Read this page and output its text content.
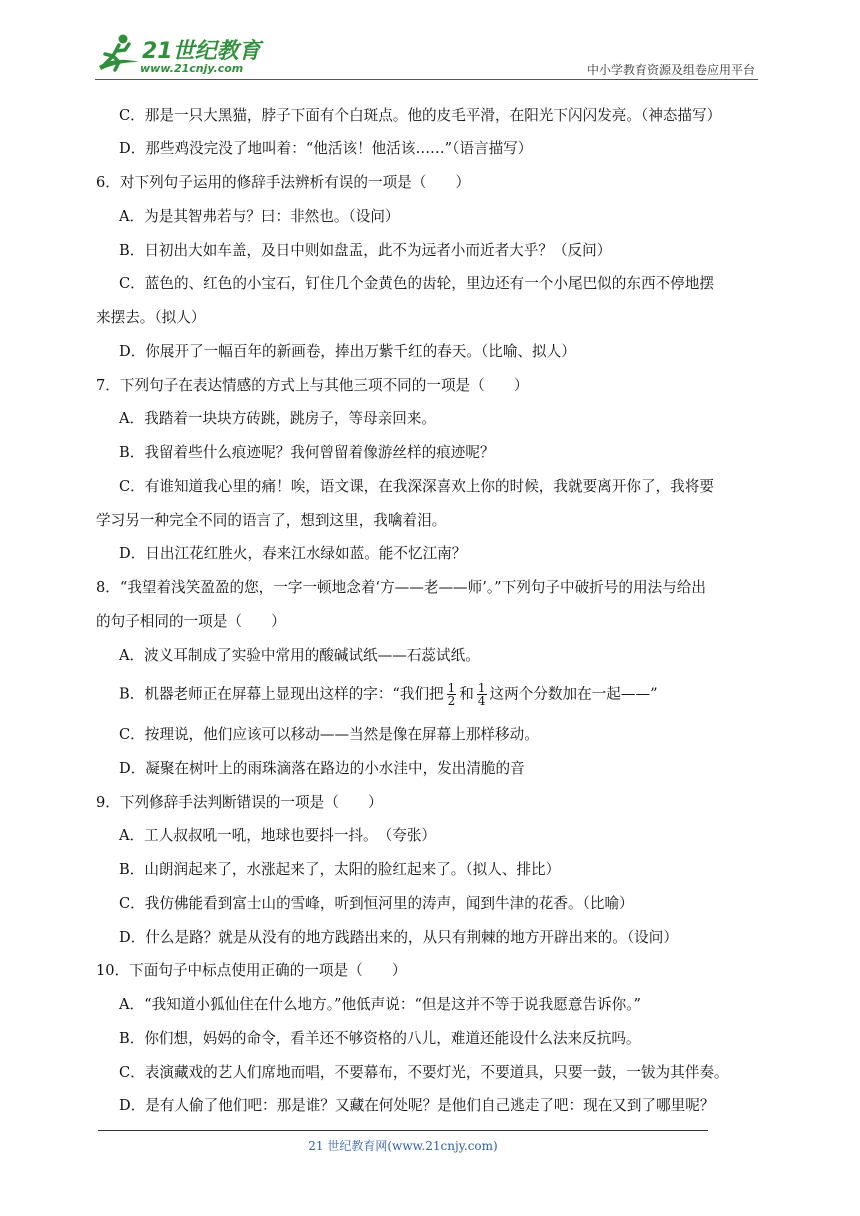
21世纪教育
www.21cnjy.com	中小学教育资源及组卷应用平台
C．那是一只大黑猫，脖子下面有个白斑点。他的皮毛平滑，在阳光下闪闪发亮。（神态描写）
D．那些鸡没完没了地叫着：“他活该！他活该……”（语言描写）
6．对下列句子运用的修辞手法辨析有误的一项是（　　）
A．为是其智弗若与？曰：非然也。（设问）
B．日初出大如车盖，及日中则如盘盂，此不为远者小而近者大乎？（反问）
C．蓝色的、红色的小宝石，钉住几个金黄色的齿轮，里边还有一个小尾巴似的东西不停地摆
来摆去。（拟人）
D．你展开了一幅百年的新画卷，捧出万紫千红的春天。（比喻、拟人）
7．下列句子在表达情感的方式上与其他三项不同的一项是（　　）
A．我踏着一块块方砖跳，跳房子，等母亲回来。
B．我留着些什么痕迹呢？我何曾留着像游丝样的痕迹呢？
C．有谁知道我心里的痛！唉，语文课，在我深深喜欢上你的时候，我就要离开你了，我将要
学习另一种完全不同的语言了，想到这里，我噙着泪。
D．日出江花红胜火，春来江水绿如蓝。能不忆江南？
8．“我望着浅笑盈盈的您，一字一顿地念着‘方——老——师’。”下列句子中破折号的用法与给出
的句子相同的一项是（　　）
A．波义耳制成了实验中常用的酸碱试纸——石蕊试纸。
B．机器老师正在屏幕上显现出这样的字：“我们把 $\frac{1}{2}$ 和 $\frac{1}{4}$ 这两个分数加在一起——”
C．按理说，他们应该可以移动——当然是像在屏幕上那样移动。
D．凝聚在树叶上的雨珠滴落在路边的小水洼中，发出清脆的音
9．下列修辞手法判断错误的一项是（　　）
A．工人叔叔吼一吼，地球也要抖一抖。　（夸张）
B．山朗润起来了，水涨起来了，太阳的脸红起来了。（拟人、排比）
C．我仿佛能看到富士山的雪峰，听到恒河里的涛声，闻到牛津的花香。（比喻）
D．什么是路？就是从没有的地方践踏出来的，从只有荆棘的地方开辟出来的。（设问）
10．下面句子中标点使用正确的一项是（　　）
A．“我知道小狐仙住在什么地方。”他低声说：“但是这并不等于说我愿意告诉你。”
B．你们想，妈妈的命令，看羊还不够资格的八儿，难道还能设什么法来反抗吗。
C．表演藏戏的艺人们席地而唱，不要幕布，不要灯光，不要道具，只要一鼓，一钹为其伴奏。
D．是有人偷了他们吧：那是谁？又藏在何处呢？是他们自己逃走了吧：现在又到了哪里呢？
21 世纪教育网(www.21cnjy.com)
